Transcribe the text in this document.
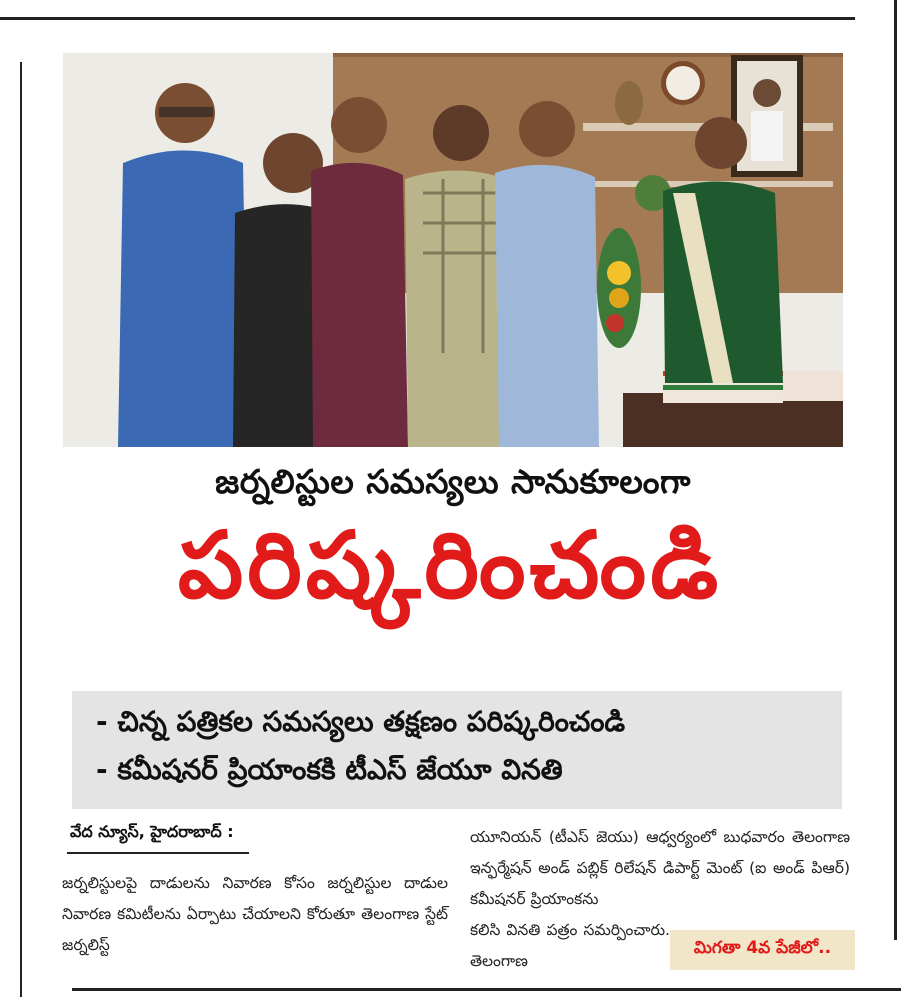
జర్నలిస్టుల సమస్యలు సానుకూలంగా
పరిష్కరించండి
- చిన్న పత్రికల సమస్యలు తక్షణం పరిష్కరించండి
- కమీషనర్ ప్రియాంకకి టీఎస్ జేయూ వినతి
వేద న్యూస్, హైదరాబాద్ :
జర్నలిస్టులపై దాడులను నివారణ కోసం జర్నలిస్టుల దాడుల నివారణ కమిటీలను ఏర్పాటు చేయాలని కోరుతూ తెలంగాణ స్టేట్ జర్నలిస్ట్
యూనియన్ (టీఎస్ జెయు) ఆధ్వర్యంలో బుధవారం తెలంగాణ ఇన్ఫర్మేషన్ అండ్ పబ్లిక్ రిలేషన్ డిపార్ట్ మెంట్ (ఐ అండ్ పిఆర్) కమీషనర్ ప్రియాంకను
కలిసి వినతి పత్రం సమర్పించారు. తెలంగాణ
మిగతా 4వ పేజీలో..
